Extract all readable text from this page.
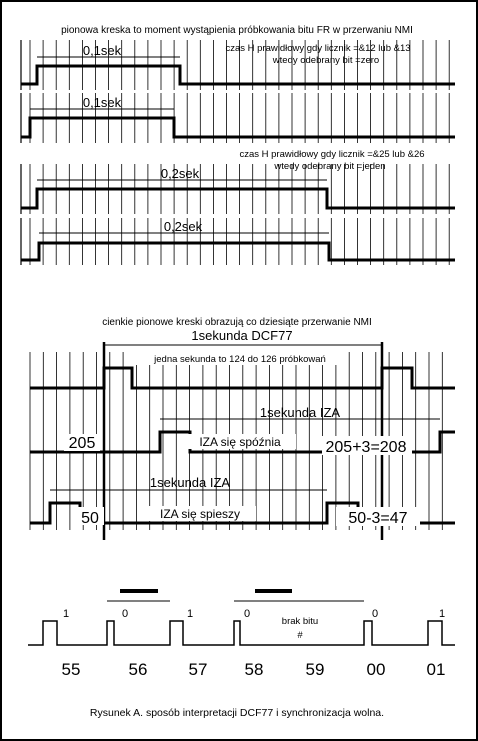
pionowa kreska to moment wystąpienia próbkowania bitu FR w przerwaniu NMI
0,1sek
0,1sek
0,2sek
0,2sek
czas H prawidłowy gdy licznik =&12 lub &13
wtedy odebrany bit =zero
czas H prawidłowy gdy licznik =&25 lub &26
wtedy odebrany bit =jeden
cienkie pionowe kreski obrazują co dziesiąte przerwanie NMI
1sekunda DCF77
jedna sekunda to 124 do 126 próbkowań
1sekunda IZA
IZA się spóźnia
205	205+3=208
1sekunda IZA
IZA się spieszy
50	50-3=47
1	0	1	0	0	1
brak bitu
#
55	56 57 58 59 00 01
Rysunek A. sposób interpretacji DCF77 i synchronizacja wolna.
